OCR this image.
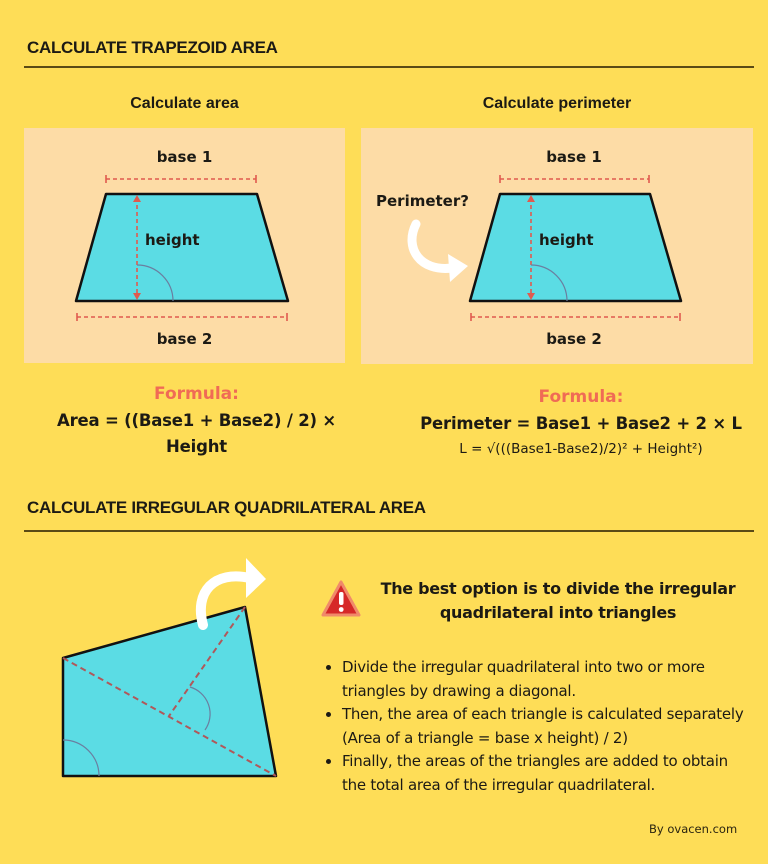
CALCULATE TRAPEZOID AREA
Calculate area	Calculate perimeter
base 1
base 2
height
base 1
base 2
Perimeter?
height
Formula:
Area = ((Base1 + Base2) / 2) ×
Height
Formula:
Perimeter = Base1 + Base2 + 2 × L
L = √(((Base1-Base2)/2)² + Height²)
CALCULATE IRREGULAR QUADRILATERAL AREA
The best option is to divide the irregular
quadrilateral into triangles
• Divide the irregular quadrilateral into two or more triangles by drawing a diagonal.
• Then, the area of each triangle is calculated separately (Area of a triangle = base x height) / 2)
• Finally, the areas of the triangles are added to obtain the total area of the irregular quadrilateral.
By ovacen.com
